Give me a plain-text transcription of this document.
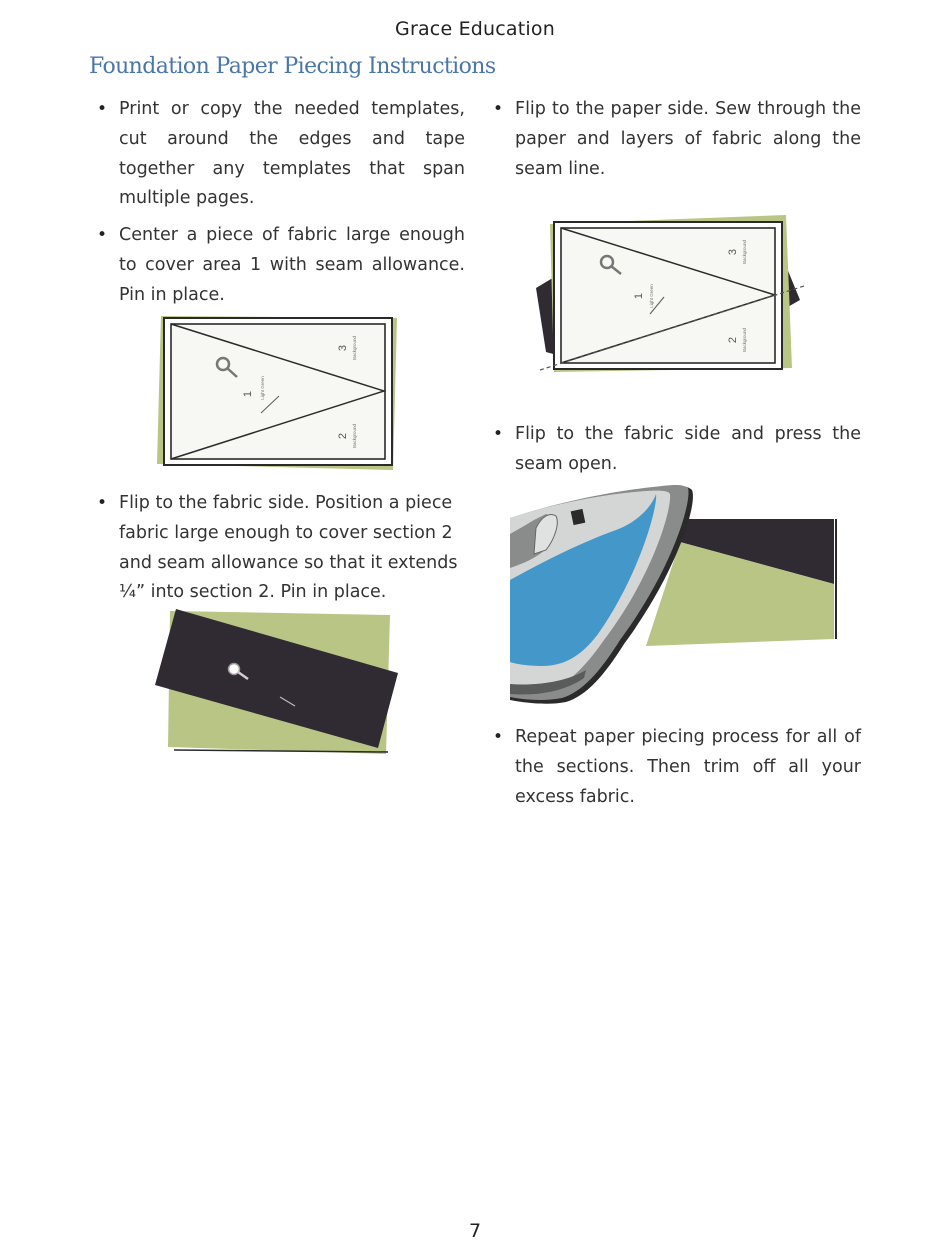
Grace Education
Foundation Paper Piecing Instructions

• Print or copy the needed templates, cut around the edges and tape together any templates that span multiple pages.

• Center a piece of fabric large enough to cover area 1 with seam allowance. Pin in place.

• Flip to the fabric side. Position a piece fabric large enough to cover section 2 and seam allowance so that it extends ¼” into section 2. Pin in place.

• Flip to the paper side. Sew through the paper and layers of fabric along the seam line.

• Flip to the fabric side and press the seam open.

• Repeat paper piecing process for all of the sections. Then trim off all your excess fabric.

1 Light Green
3 Background
2 Background
1 Light Green
3 Background
2 Background
7
